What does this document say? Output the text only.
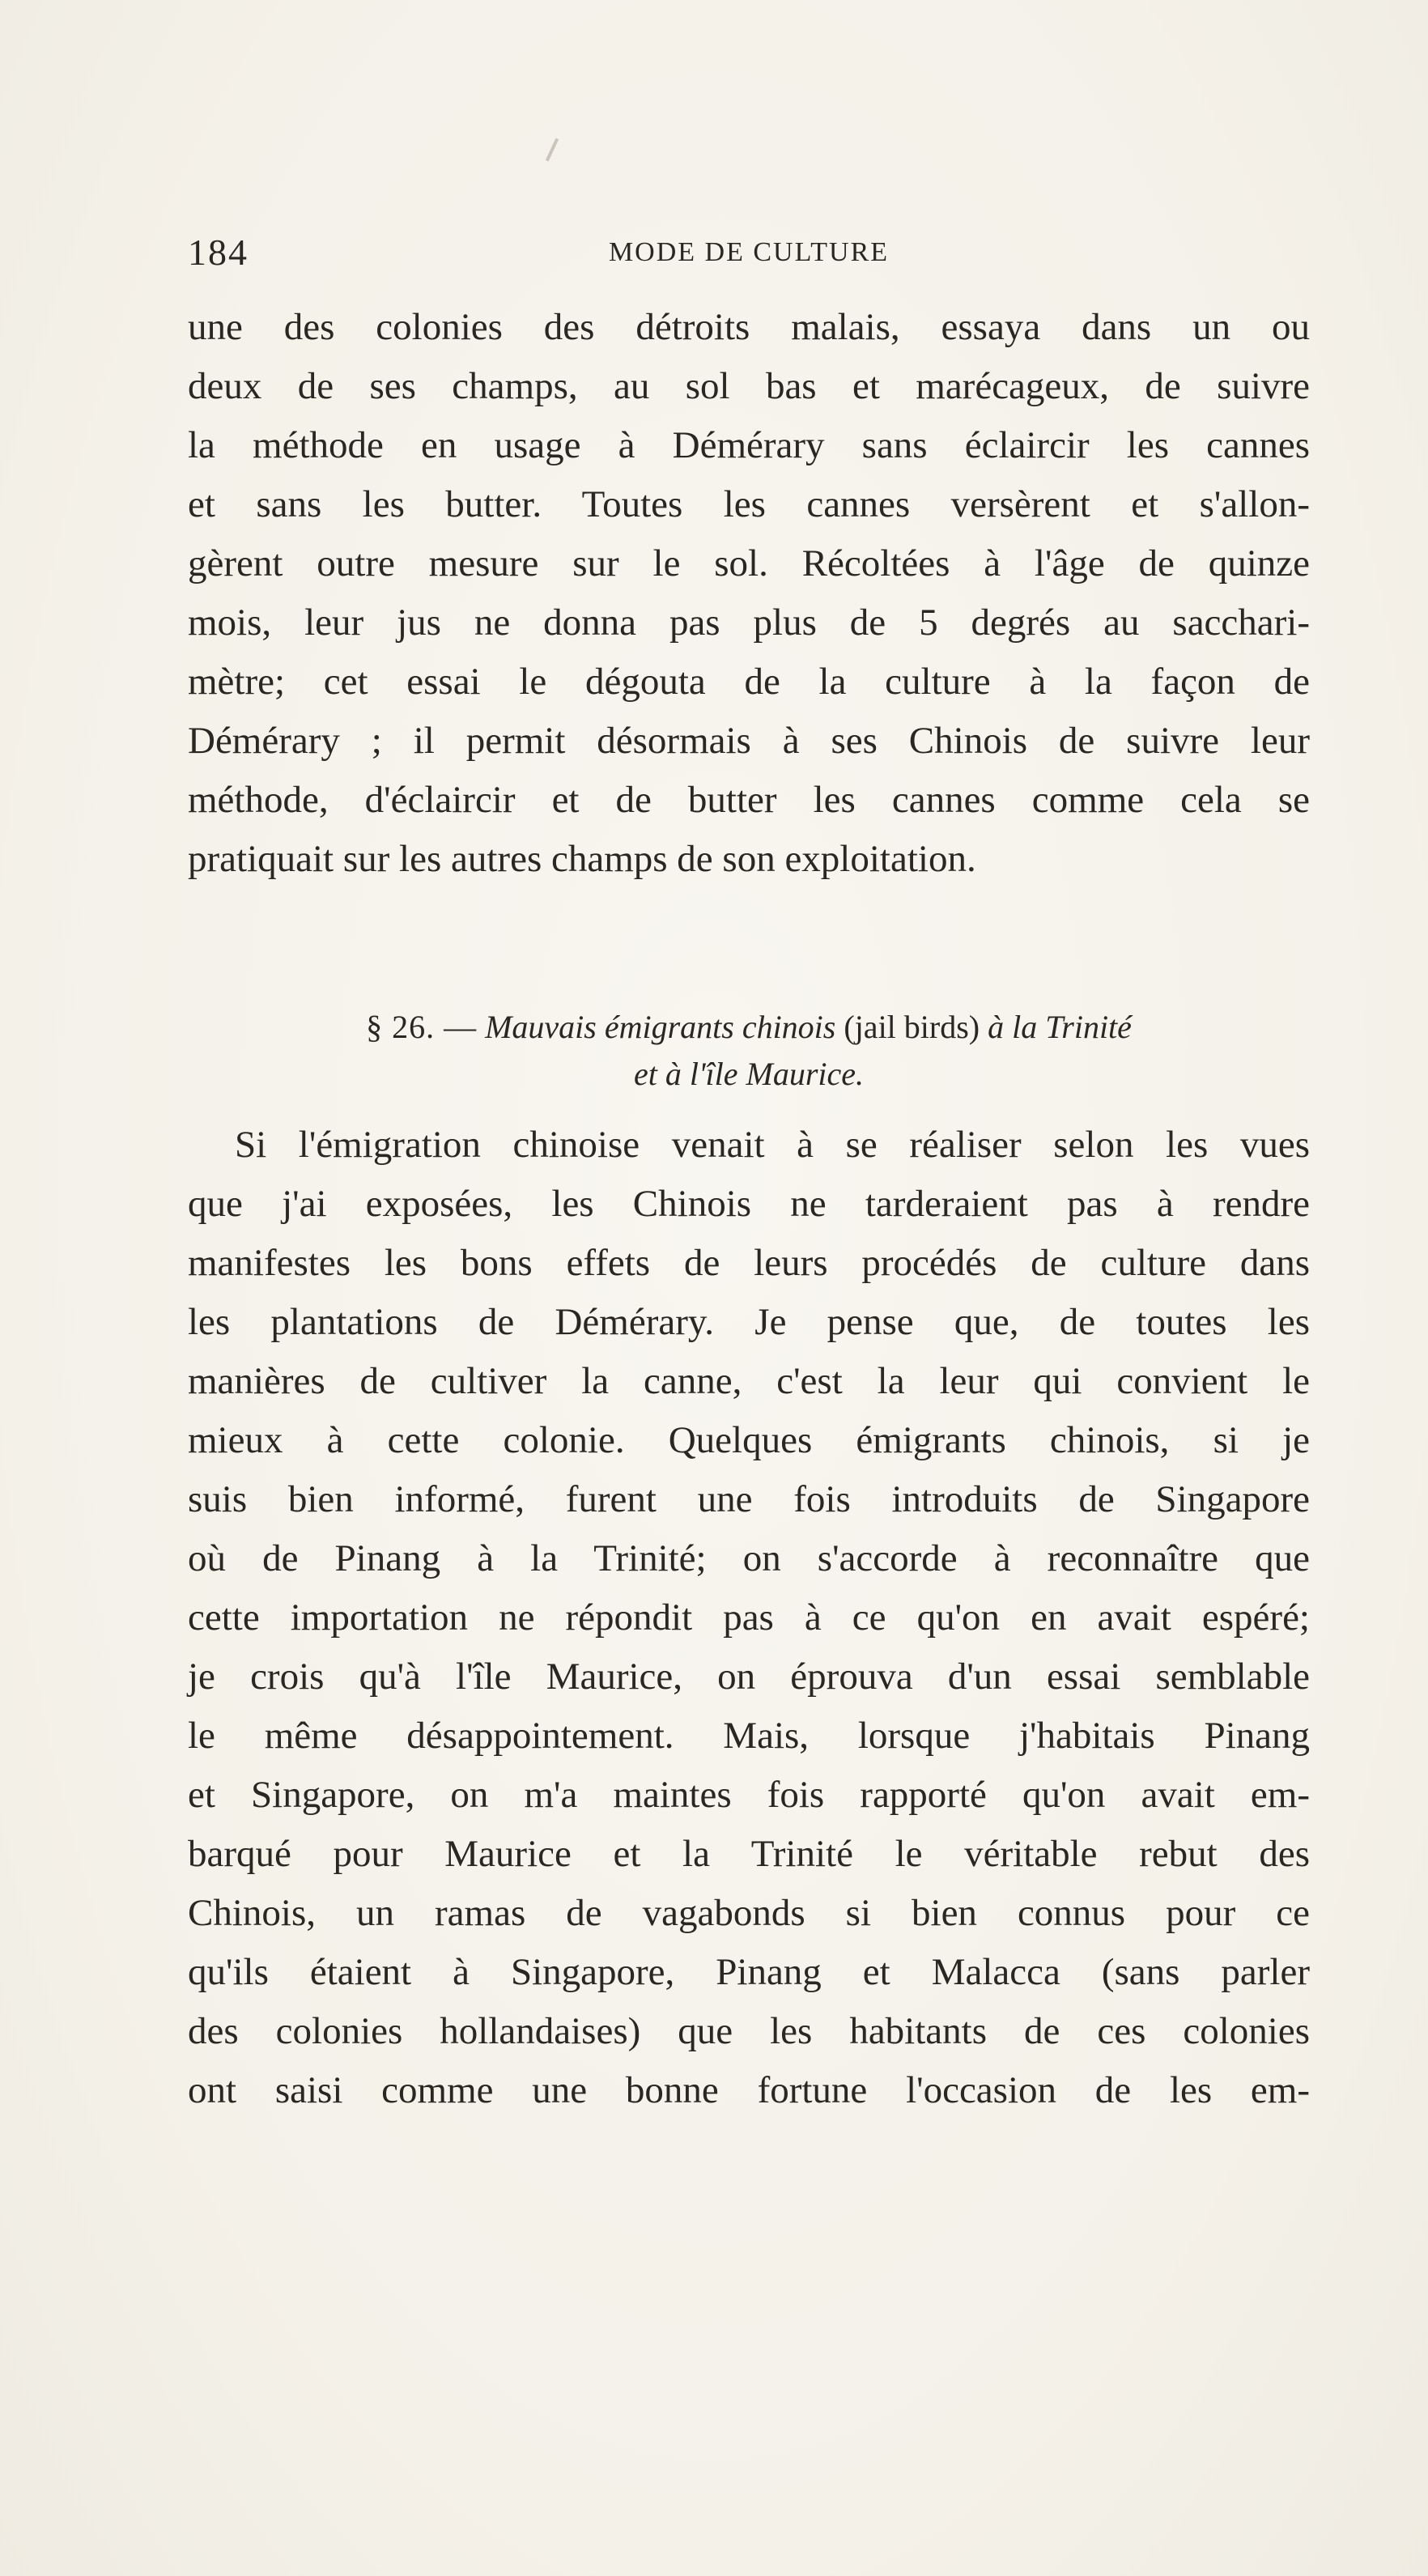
184	MODE DE CULTURE
une des colonies des détroits malais, essaya dans un ou
deux de ses champs, au sol bas et marécageux, de suivre
la méthode en usage à Démérary sans éclaircir les cannes
et sans les butter. Toutes les cannes versèrent et s'allon-
gèrent outre mesure sur le sol. Récoltées à l'âge de quinze
mois, leur jus ne donna pas plus de 5 degrés au sacchari-
mètre; cet essai le dégouta de la culture à la façon de
Démérary ; il permit désormais à ses Chinois de suivre leur
méthode, d'éclaircir et de butter les cannes comme cela se
pratiquait sur les autres champs de son exploitation.
§ 26. — Mauvais émigrants chinois (jail birds) à la Trinité
et à l'île Maurice.
Si l'émigration chinoise venait à se réaliser selon les vues
que j'ai exposées, les Chinois ne tarderaient pas à rendre
manifestes les bons effets de leurs procédés de culture dans
les plantations de Démérary. Je pense que, de toutes les
manières de cultiver la canne, c'est la leur qui convient le
mieux à cette colonie. Quelques émigrants chinois, si je
suis bien informé, furent une fois introduits de Singapore
où de Pinang à la Trinité; on s'accorde à reconnaître que
cette importation ne répondit pas à ce qu'on en avait espéré;
je crois qu'à l'île Maurice, on éprouva d'un essai semblable
le même désappointement. Mais, lorsque j'habitais Pinang
et Singapore, on m'a maintes fois rapporté qu'on avait em-
barqué pour Maurice et la Trinité le véritable rebut des
Chinois, un ramas de vagabonds si bien connus pour ce
qu'ils étaient à Singapore, Pinang et Malacca (sans parler
des colonies hollandaises) que les habitants de ces colonies
ont saisi comme une bonne fortune l'occasion de les em-
